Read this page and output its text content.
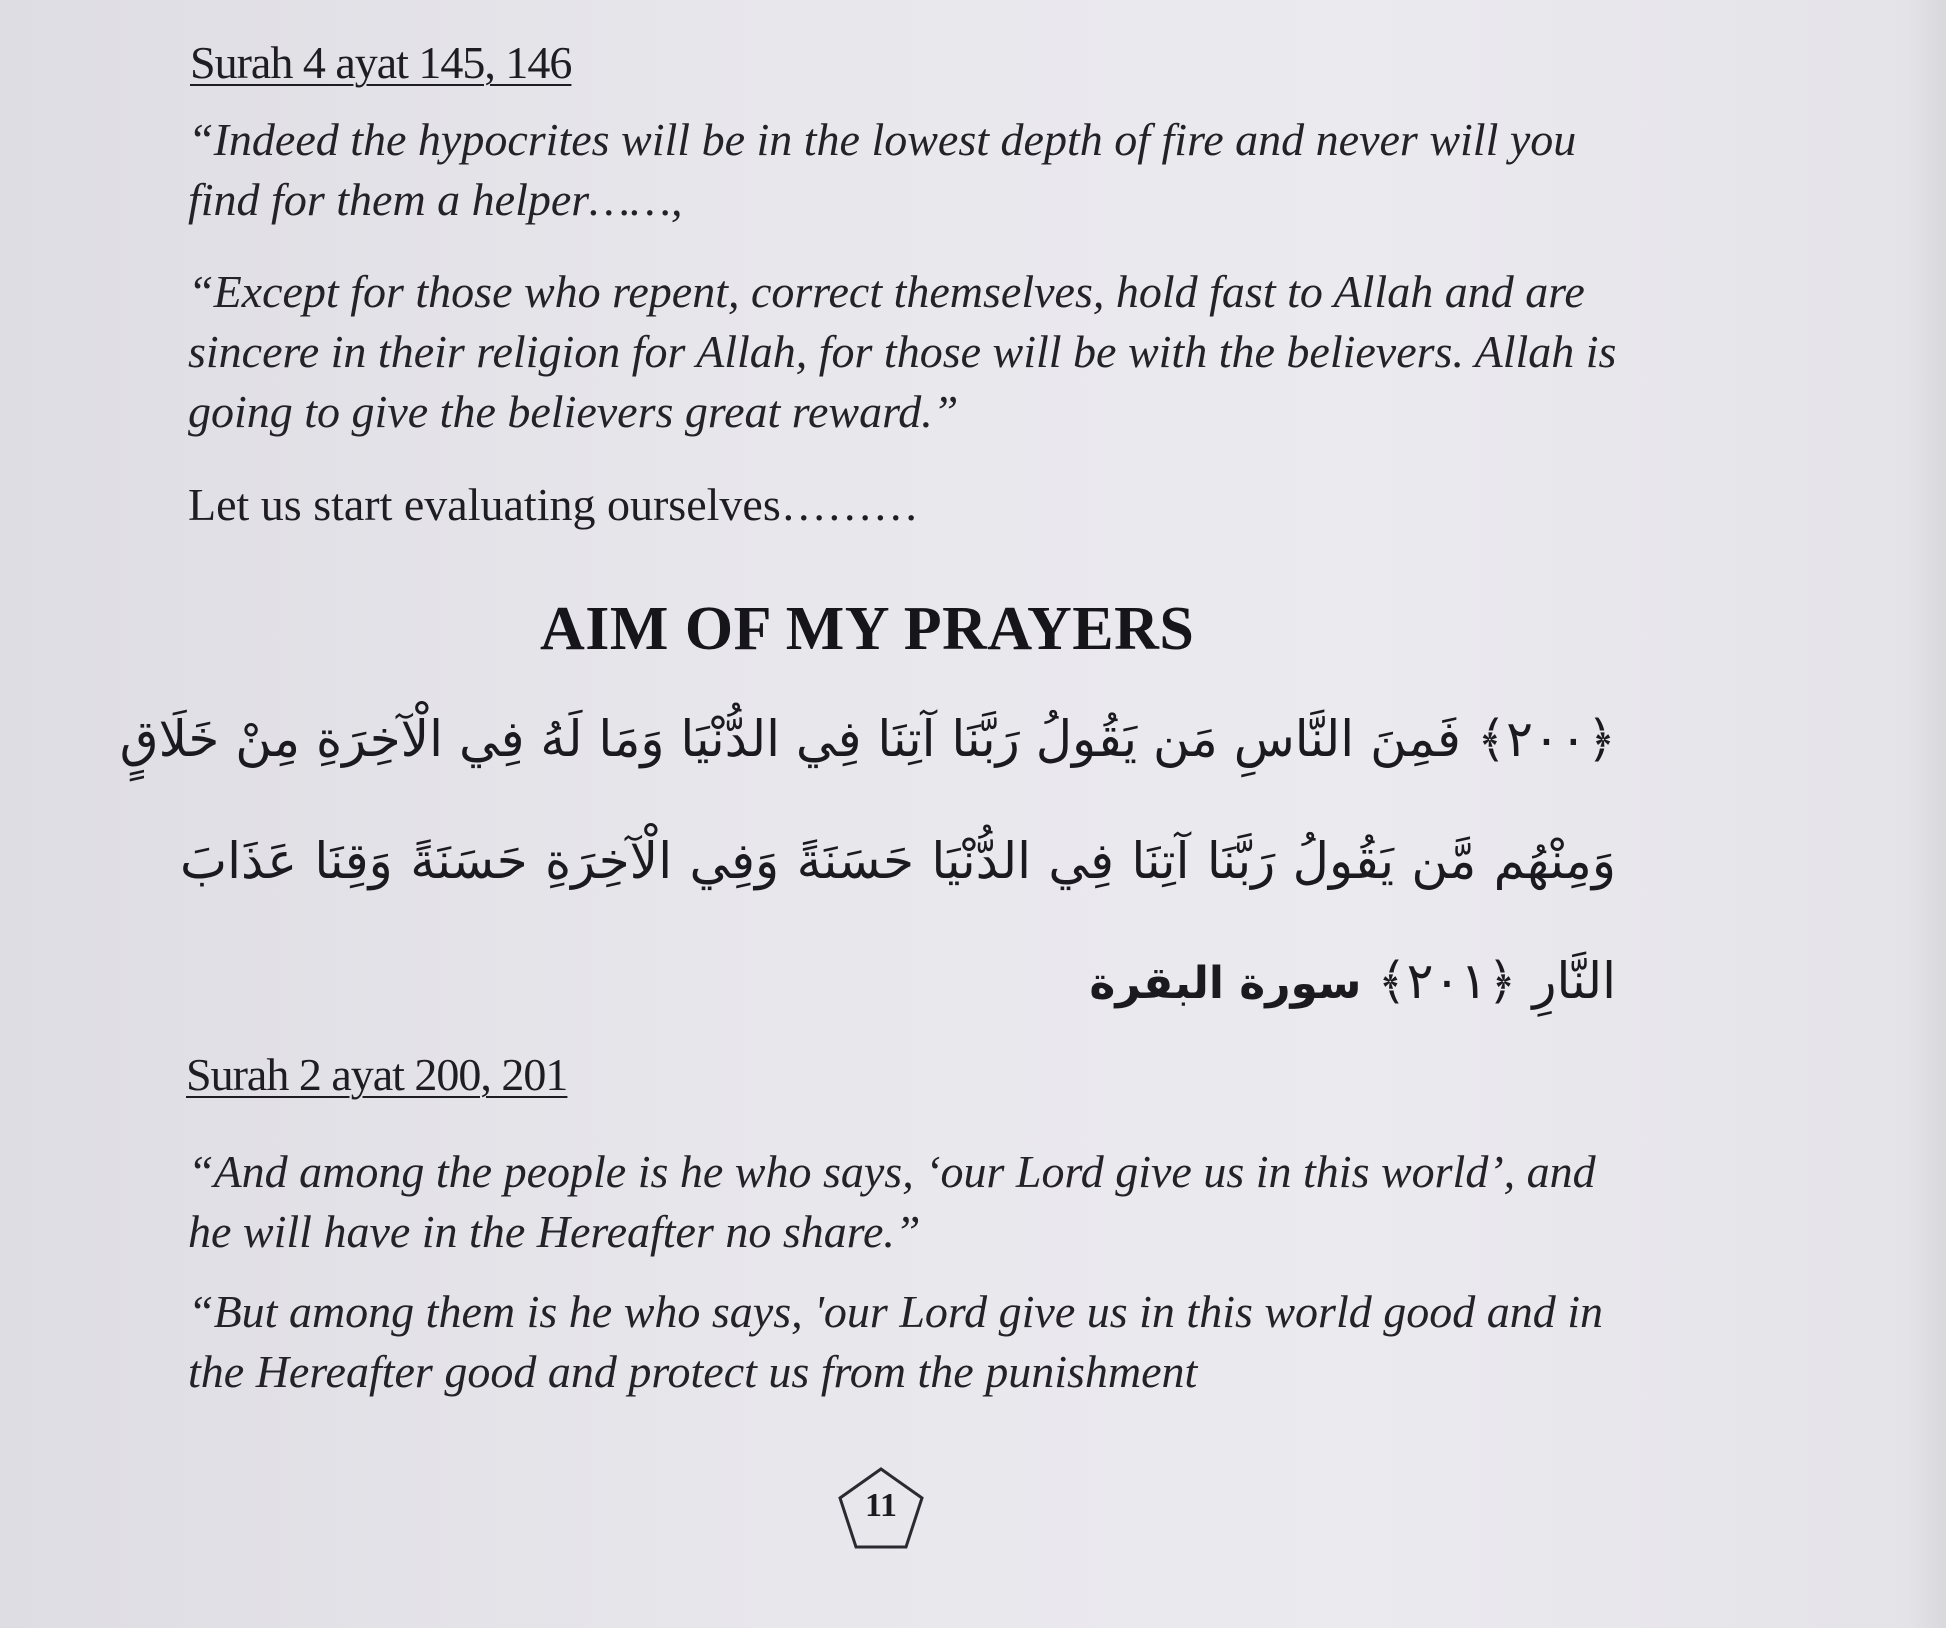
Surah 4 ayat 145, 146

“Indeed the hypocrites will be in the lowest depth of fire and never will you find for them a helper……,

“Except for those who repent, correct themselves, hold fast to Allah and are sincere in their religion for Allah, for those will be with the believers. Allah is going to give the believers great reward.”

Let us start evaluating ourselves………
AIM OF MY PRAYERS
﴿٢٠٠﴾ فَمِنَ النَّاسِ مَن يَقُولُ رَبَّنَا آتِنَا فِي الدُّنْيَا وَمَا لَهُ فِي الْآخِرَةِ مِنْ خَلَاقٍ
وَمِنْهُم مَّن يَقُولُ رَبَّنَا آتِنَا فِي الدُّنْيَا حَسَنَةً وَفِي الْآخِرَةِ حَسَنَةً وَقِنَا عَذَابَ
النَّارِ ﴿٢٠١﴾ سورة البقرة
Surah 2 ayat 200, 201

“And among the people is he who says, ‘our Lord give us in this world’, and he will have in the Hereafter no share.”

“But among them is he who says, 'our Lord give us in this world good and in the Hereafter good and protect us from the punishment

11
